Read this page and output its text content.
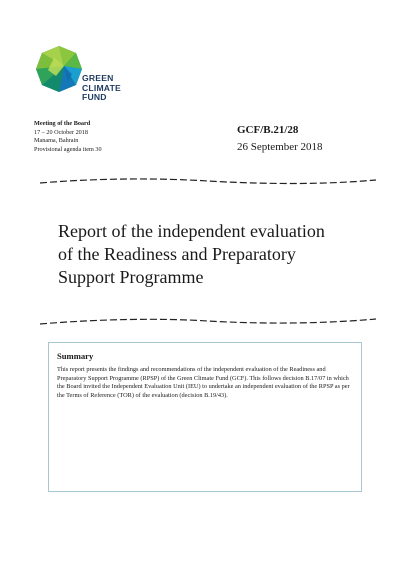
GREEN
CLIMATE
FUND
Meeting of the Board
17 – 20 October 2018
Manama, Bahrain
Provisional agenda item 30
GCF/B.21/28
26 September 2018
Report of the independent evaluation
of the Readiness and Preparatory
Support Programme
Summary
This report presents the findings and recommendations of the independent evaluation of the Readiness and Preparatory Support Programme (RPSP) of the Green Climate Fund (GCF). This follows decision B.17/07 in which the Board invited the Independent Evaluation Unit (IEU) to undertake an independent evaluation of the RPSP as per the Terms of Reference (TOR) of the evaluation (decision B.19/43).
